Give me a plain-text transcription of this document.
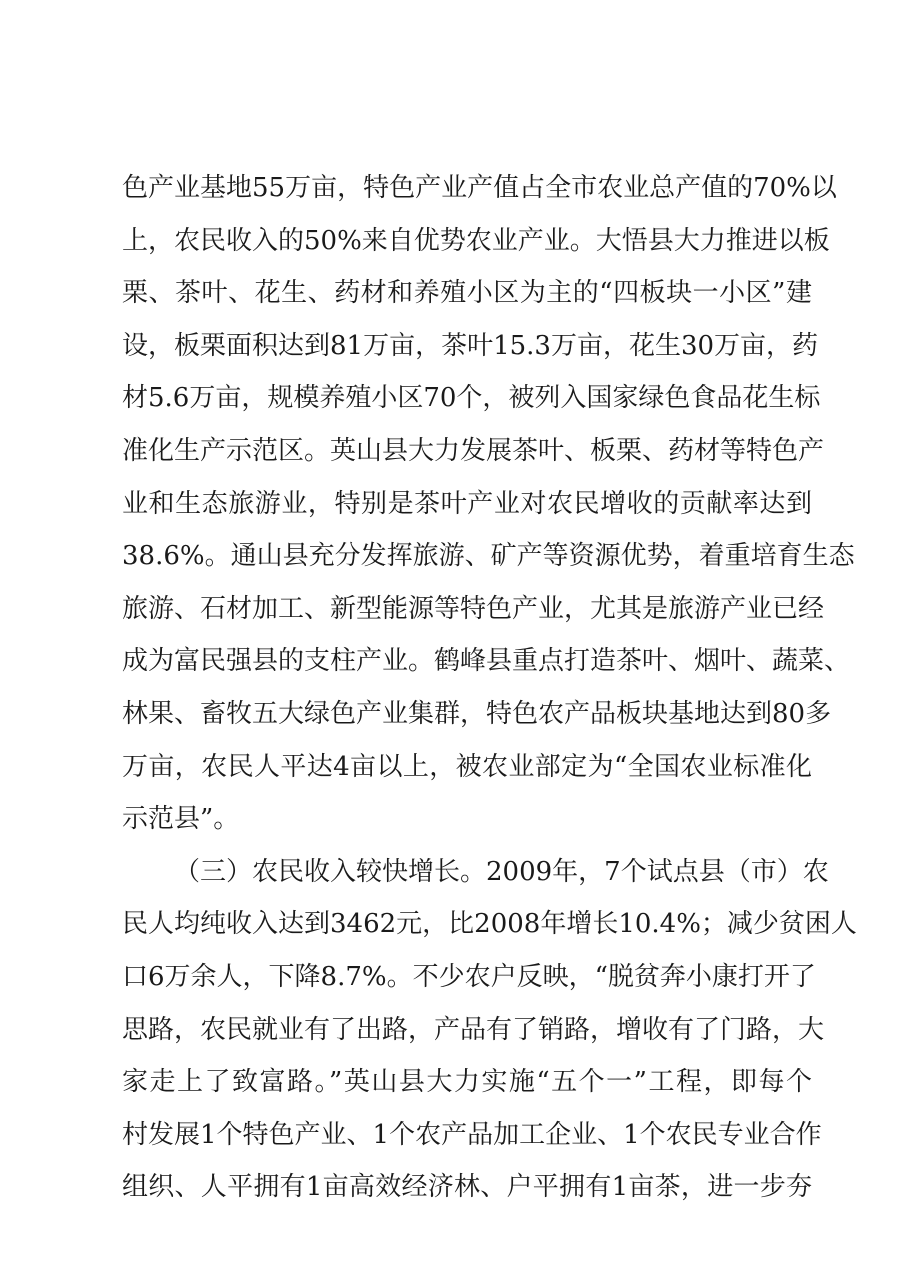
色产业基地55万亩，特色产业产值占全市农业总产值的70%以
上，农民收入的50%来自优势农业产业。大悟县大力推进以板
栗、茶叶、花生、药材和养殖小区为主的“四板块一小区”建
设，板栗面积达到81万亩，茶叶15.3万亩，花生30万亩，药
材5.6万亩，规模养殖小区70个，被列入国家绿色食品花生标
准化生产示范区。英山县大力发展茶叶、板栗、药材等特色产
业和生态旅游业，特别是茶叶产业对农民增收的贡献率达到
38.6%。通山县充分发挥旅游、矿产等资源优势，着重培育生态
旅游、石材加工、新型能源等特色产业，尤其是旅游产业已经
成为富民强县的支柱产业。鹤峰县重点打造茶叶、烟叶、蔬菜、
林果、畜牧五大绿色产业集群，特色农产品板块基地达到80多
万亩，农民人平达4亩以上，被农业部定为“全国农业标准化
示范县”。
（三）农民收入较快增长。2009年，7个试点县（市）农
民人均纯收入达到3462元，比2008年增长10.4%；减少贫困人
口6万余人，下降8.7%。不少农户反映，“脱贫奔小康打开了
思路，农民就业有了出路，产品有了销路，增收有了门路，大
家走上了致富路。”英山县大力实施“五个一”工程，即每个
村发展1个特色产业、1个农产品加工企业、1个农民专业合作
组织、人平拥有1亩高效经济林、户平拥有1亩茶，进一步夯
